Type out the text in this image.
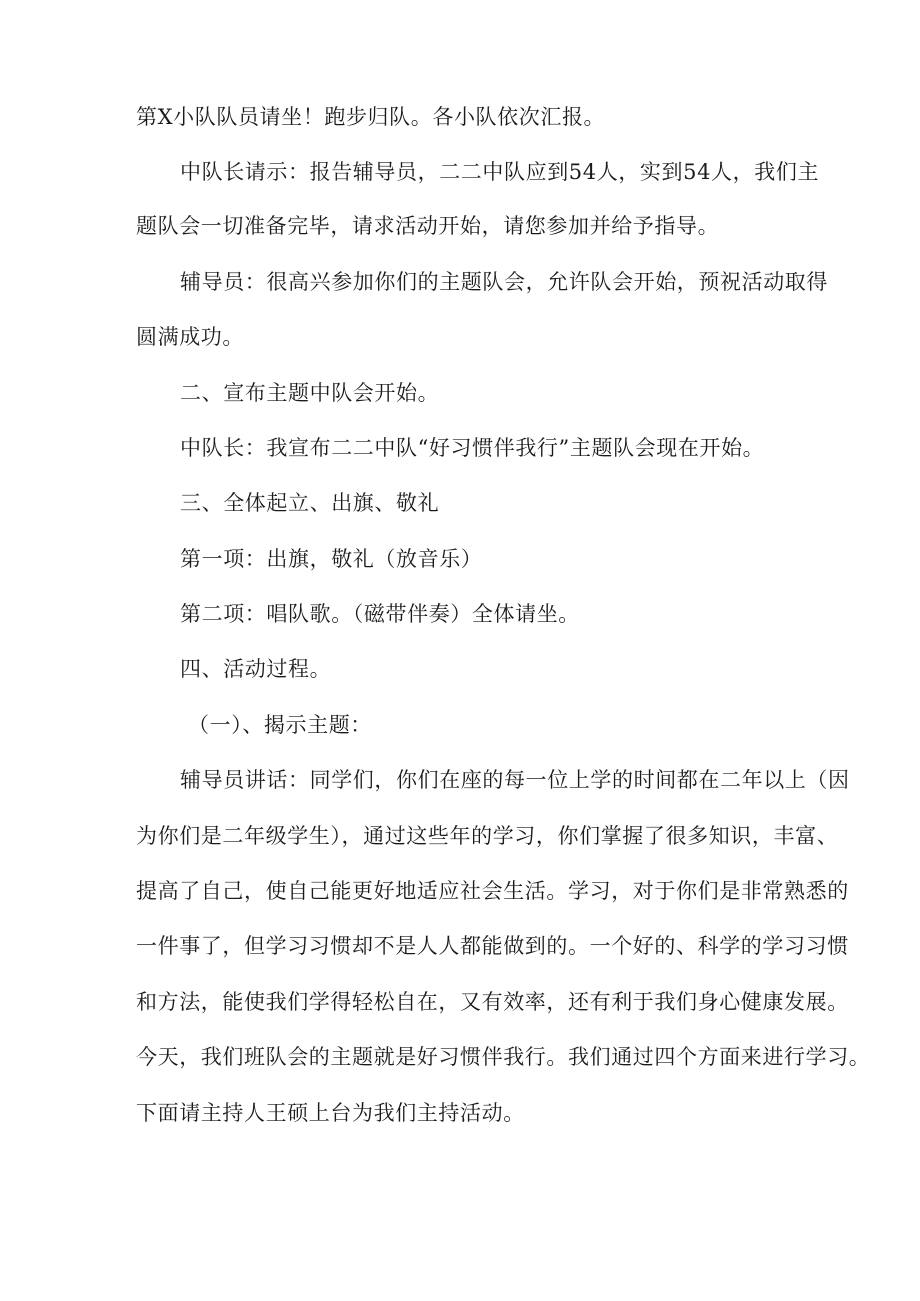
第X小队队员请坐！跑步归队。各小队依次汇报。
中队长请示：报告辅导员，二二中队应到54人，实到54人，我们主
题队会一切准备完毕，请求活动开始，请您参加并给予指导。
辅导员：很高兴参加你们的主题队会，允许队会开始，预祝活动取得
圆满成功。
二、宣布主题中队会开始。
中队长：我宣布二二中队“好习惯伴我行”主题队会现在开始。
三、全体起立、出旗、敬礼
第一项：出旗，敬礼（放音乐）
第二项：唱队歌。（磁带伴奏）全体请坐。
四、活动过程。
（一）、揭示主题：
辅导员讲话：同学们，你们在座的每一位上学的时间都在二年以上（因
为你们是二年级学生），通过这些年的学习，你们掌握了很多知识，丰富、
提高了自己，使自己能更好地适应社会生活。学习，对于你们是非常熟悉的
一件事了，但学习习惯却不是人人都能做到的。一个好的、科学的学习习惯
和方法，能使我们学得轻松自在，又有效率，还有利于我们身心健康发展。
今天，我们班队会的主题就是好习惯伴我行。我们通过四个方面来进行学习。
下面请主持人王硕上台为我们主持活动。
